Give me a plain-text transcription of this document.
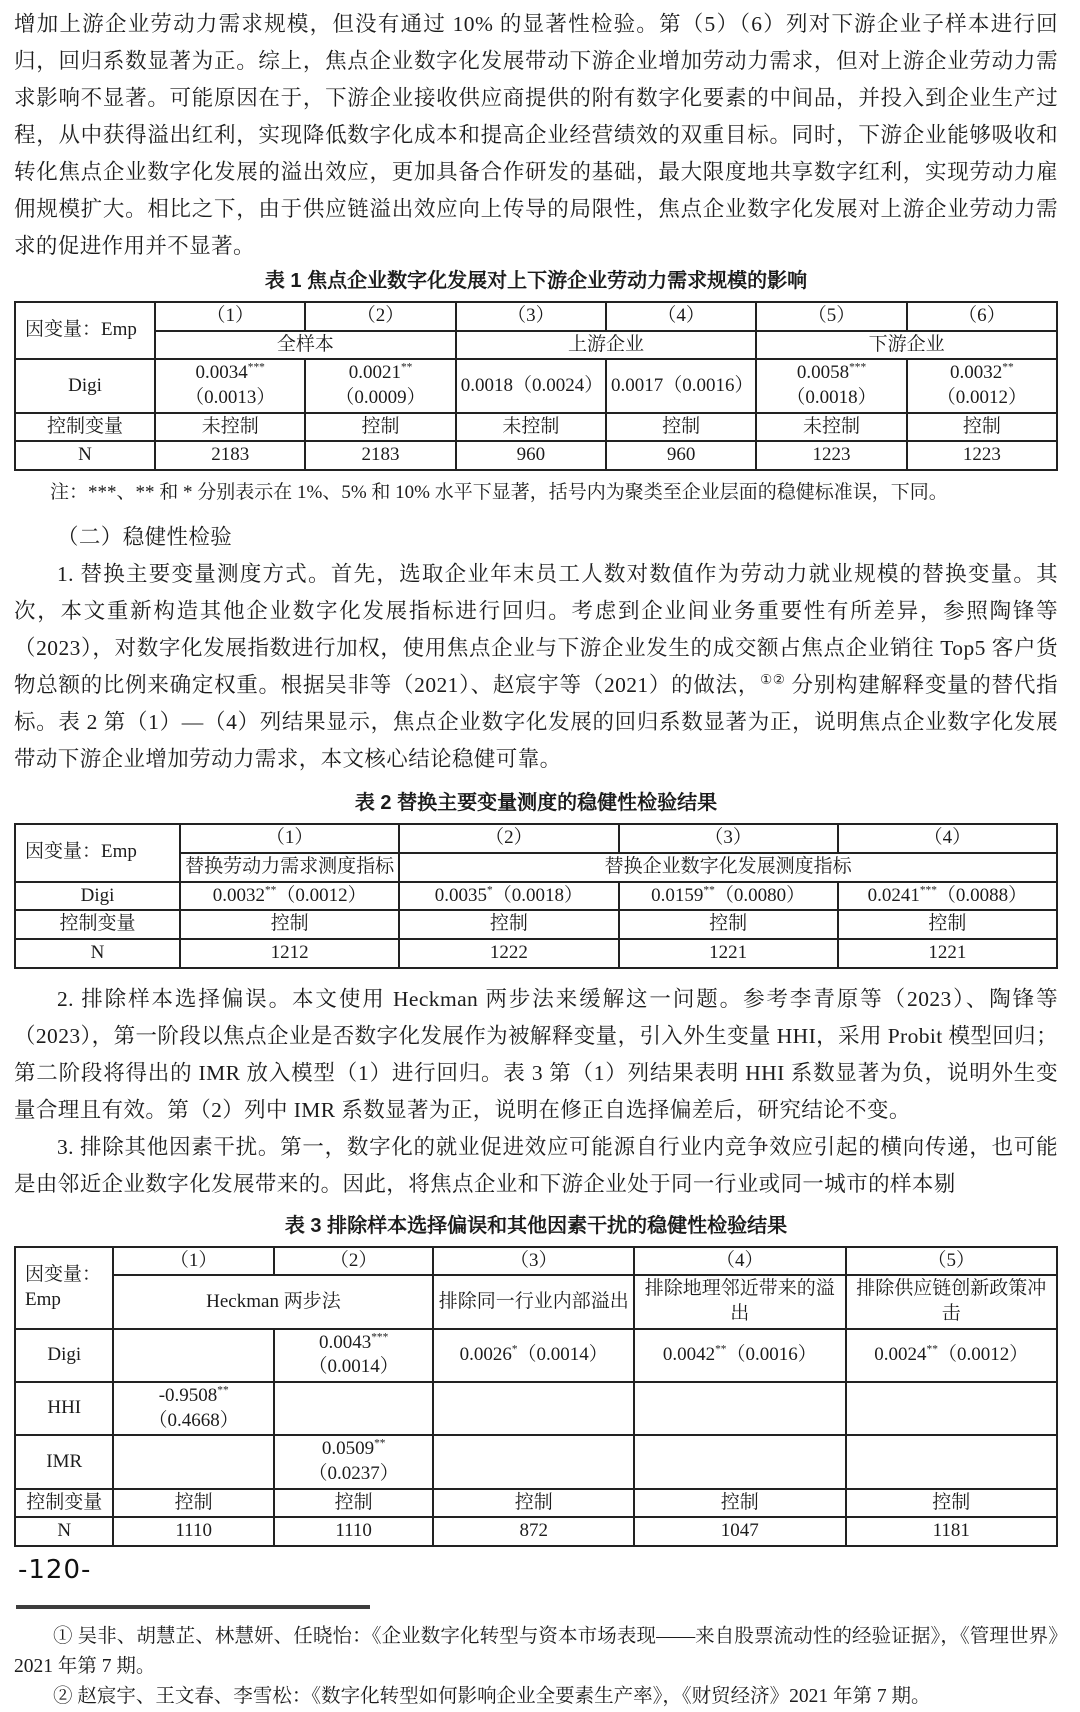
增加上游企业劳动力需求规模，但没有通过 10% 的显著性检验。第（5）（6）列对下游企业子样本进行回归，回归系数显著为正。综上，焦点企业数字化发展带动下游企业增加劳动力需求，但对上游企业劳动力需求影响不显著。可能原因在于，下游企业接收供应商提供的附有数字化要素的中间品，并投入到企业生产过程，从中获得溢出红利，实现降低数字化成本和提高企业经营绩效的双重目标。同时，下游企业能够吸收和转化焦点企业数字化发展的溢出效应，更加具备合作研发的基础，最大限度地共享数字红利，实现劳动力雇佣规模扩大。相比之下，由于供应链溢出效应向上传导的局限性，焦点企业数字化发展对上游企业劳动力需求的促进作用并不显著。

表 1 焦点企业数字化发展对上下游企业劳动力需求规模的影响
因变量：Emp	（1）	（2）	（3）	（4）	（5）	（6）
	全样本		上游企业		下游企业	
Digi	0.0034***（0.0013）	0.0021**（0.0009）	0.0018（0.0024）	0.0017（0.0016）	0.0058***（0.0018）	0.0032**（0.0012）
控制变量	未控制	控制	未控制	控制	未控制	控制
N	2183	2183	960	960	1223	1223

注：***、** 和 * 分别表示在 1%、5% 和 10% 水平下显著，括号内为聚类至企业层面的稳健标准误，下同。

（二）稳健性检验

1. 替换主要变量测度方式。首先，选取企业年末员工人数对数值作为劳动力就业规模的替换变量。其次，本文重新构造其他企业数字化发展指标进行回归。考虑到企业间业务重要性有所差异，参照陶锋等（2023），对数字化发展指数进行加权，使用焦点企业与下游企业发生的成交额占焦点企业销往 Top5 客户货物总额的比例来确定权重。根据吴非等（2021）、赵宸宇等（2021）的做法，①② 分别构建解释变量的替代指标。表 2 第（1）—（4）列结果显示，焦点企业数字化发展的回归系数显著为正，说明焦点企业数字化发展带动下游企业增加劳动力需求，本文核心结论稳健可靠。

表 2 替换主要变量测度的稳健性检验结果
因变量：Emp	（1）	（2）	（3）	（4）
	替换劳动力需求测度指标	替换企业数字化发展测度指标		
Digi	0.0032**（0.0012）	0.0035*（0.0018）	0.0159**（0.0080）	0.0241***（0.0088）
控制变量	控制	控制	控制	控制
N	1212	1222	1221	1221

2. 排除样本选择偏误。本文使用 Heckman 两步法来缓解这一问题。参考李青原等（2023）、陶锋等（2023），第一阶段以焦点企业是否数字化发展作为被解释变量，引入外生变量 HHI，采用 Probit 模型回归；第二阶段将得出的 IMR 放入模型（1）进行回归。表 3 第（1）列结果表明 HHI 系数显著为负，说明外生变量合理且有效。第（2）列中 IMR 系数显著为正，说明在修正自选择偏差后，研究结论不变。

3. 排除其他因素干扰。第一，数字化的就业促进效应可能源自行业内竞争效应引起的横向传递，也可能是由邻近企业数字化发展带来的。因此，将焦点企业和下游企业处于同一行业或同一城市的样本剔

表 3 排除样本选择偏误和其他因素干扰的稳健性检验结果
因变量：
Emp	（1）	（2）	（3）	（4）	（5）
	Heckman 两步法		排除同一行业内部溢出	排除地理邻近带来的溢出	排除供应链创新政策冲击
Digi		0.0043***（0.0014）	0.0026*（0.0014）	0.0042**（0.0016）	0.0024**（0.0012）
HHI	-0.9508**（0.4668）				
IMR		0.0509**（0.0237）			
控制变量	控制	控制	控制	控制	控制
N	1110	1110	872	1047	1181

① 吴非、胡慧芷、林慧妍、任晓怡：《企业数字化转型与资本市场表现——来自股票流动性的经验证据》，《管理世界》2021 年第 7 期。

② 赵宸宇、王文春、李雪松：《数字化转型如何影响企业全要素生产率》，《财贸经济》2021 年第 7 期。

-120-
